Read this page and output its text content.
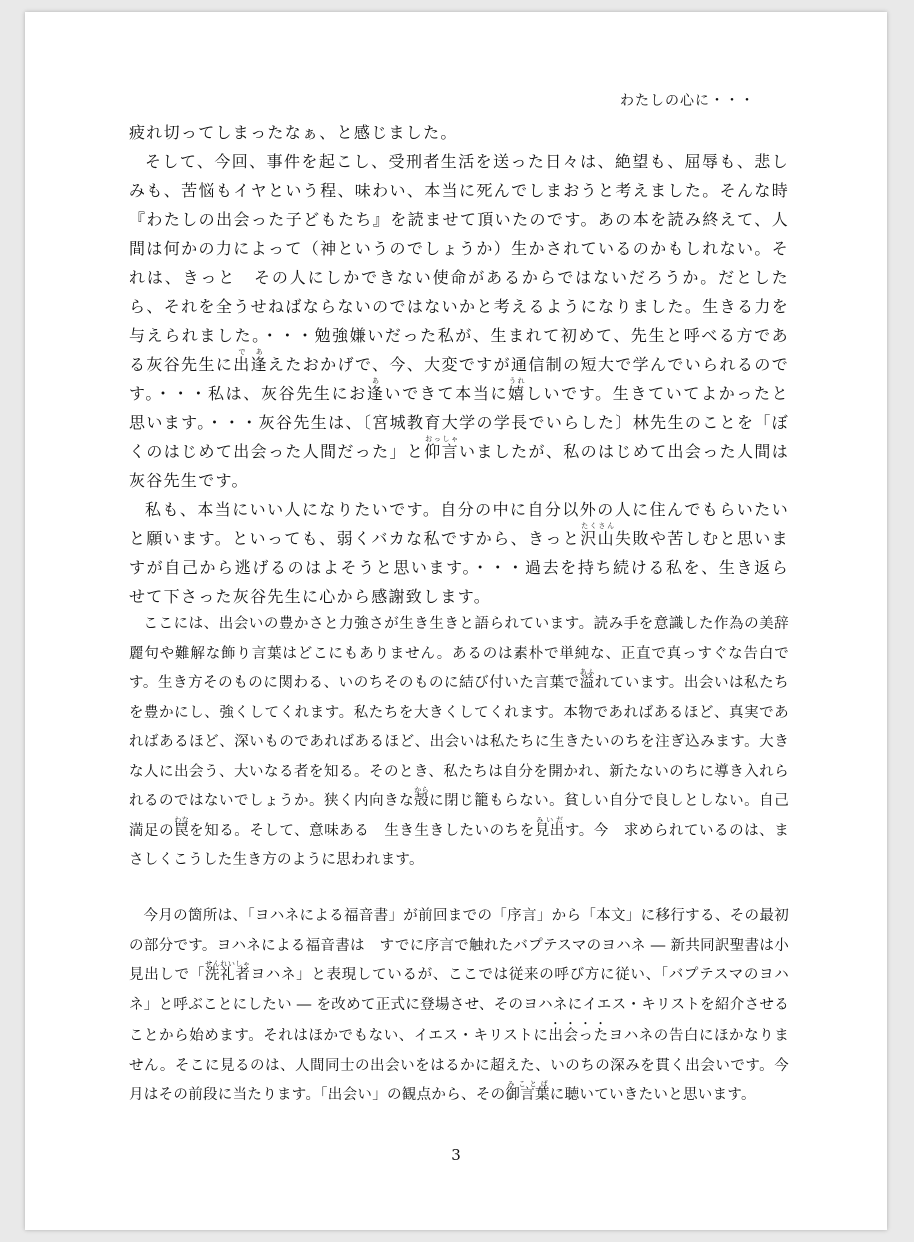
わたしの心に・・・

疲れ切ってしまったなぁ、と感じました。

そして、今回、事件を起こし、受刑者生活を送った日々は、絶望も、屈辱も、悲しみも、苦悩もイヤという程、味わい、本当に死んでしまおうと考えました。そんな時『わたしの出会った子どもたち』を読ませて頂いたのです。あの本を読み終えて、人間は何かの力によって（神というのでしょうか）生かされているのかもしれない。それは、きっと　その人にしかできない使命があるからではないだろうか。だとしたら、それを全うせねばならないのではないかと考えるようになりました。生きる力を与えられました。・・・勉強嫌いだった私が、生まれて初めて、先生と呼べる方である灰谷先生に出逢であえたおかげで、今、大変ですが通信制の短大で学んでいられるのです。・・・私は、灰谷先生にお逢あいできて本当に嬉うれしいです。生きていてよかったと思います。・・・灰谷先生は、〔宮城教育大学の学長でいらした〕林先生のことを「ぼくのはじめて出会った人間だった」と仰言おっしゃいましたが、私のはじめて出会った人間は灰谷先生です。

私も、本当にいい人になりたいです。自分の中に自分以外の人に住んでもらいたいと願います。といっても、弱くバカな私ですから、きっと沢山たくさん失敗や苦しむと思いますが自己から逃げるのはよそうと思います。・・・過去を持ち続ける私を、生き返らせて下さった灰谷先生に心から感謝致します。

ここには、出会いの豊かさと力強さが生き生きと語られています。読み手を意識した作為の美辞麗句や難解な飾り言葉はどこにもありません。あるのは素朴で単純な、正直で真っすぐな告白です。生き方そのものに関わる、いのちそのものに結び付いた言葉で溢あふれています。出会いは私たちを豊かにし、強くしてくれます。私たちを大きくしてくれます。本物であればあるほど、真実であればあるほど、深いものであればあるほど、出会いは私たちに生きたいのちを注ぎ込みます。大きな人に出会う、大いなる者を知る。そのとき、私たちは自分を開かれ、新たないのちに導き入れられるのではないでしょうか。狭く内向きな殻からに閉じ籠もらない。貧しい自分で良しとしない。自己満足の罠わなを知る。そして、意味ある　生き生きしたいのちを見出みいだす。今　求められているのは、まさしくこうした生き方のように思われます。

今月の箇所は、「ヨハネによる福音書」が前回までの「序言」から「本文」に移行する、その最初の部分です。ヨハネによる福音書は　すでに序言で触れたバプテスマのヨハネ ― 新共同訳聖書は小見出しで「洗礼者せんれいしゃヨハネ」と表現しているが、ここでは従来の呼び方に従い、「バプテスマのヨハネ」と呼ぶことにしたい ― を改めて正式に登場させ、そのヨハネにイエス・キリストを紹介させることから始めます。それはほかでもない、イエス・キリストに出会ったヨハネの告白にほかなりません。そこに見るのは、人間同士の出会いをはるかに超えた、いのちの深みを貫く出会いです。今月はその前段に当たります。「出会い」の観点から、その御言葉みことばに聴いていきたいと思います。

3
